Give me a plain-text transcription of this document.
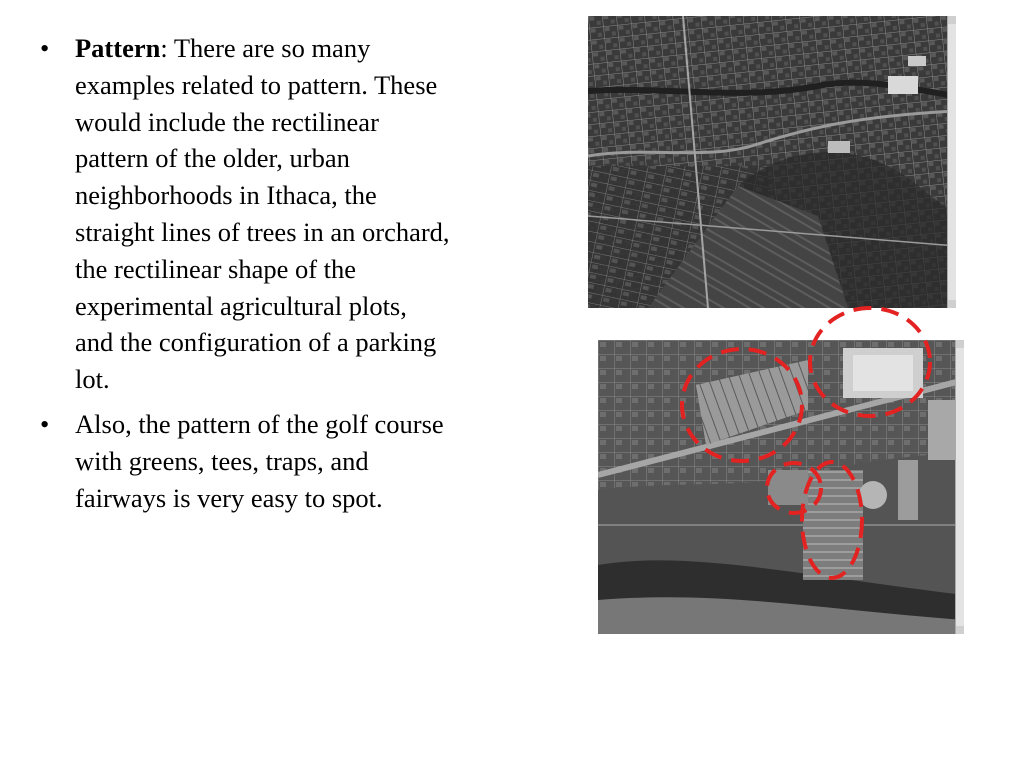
• Pattern: There are so many examples related to pattern. These would include the rectilinear pattern of the older, urban neighborhoods in Ithaca, the straight lines of trees in an orchard, the rectilinear shape of the experimental agricultural plots, and the configuration of a parking lot.
• Also, the pattern of the golf course with greens, tees, traps, and fairways is very easy to spot.
